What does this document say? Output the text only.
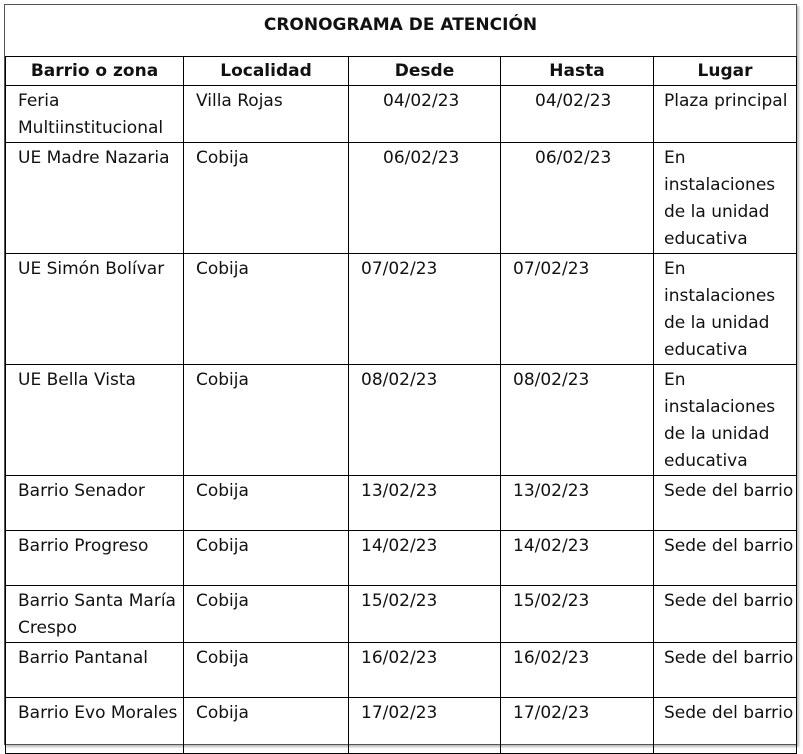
CRONOGRAMA DE ATENCIÓN
Barrio o zona	Localidad	Desde	Hasta	Lugar
Feria Multiinstitucional	Villa Rojas	04/02/23	04/02/23	Plaza principal
UE Madre Nazaria	Cobija	06/02/23	06/02/23	En instalaciones de la unidad educativa
UE Simón Bolívar	Cobija	07/02/23	07/02/23	En instalaciones de la unidad educativa
UE Bella Vista	Cobija	08/02/23	08/02/23	En instalaciones de la unidad educativa
Barrio Senador	Cobija	13/02/23	13/02/23	Sede del barrio
Barrio Progreso	Cobija	14/02/23	14/02/23	Sede del barrio
Barrio Santa María Crespo	Cobija	15/02/23	15/02/23	Sede del barrio
Barrio Pantanal	Cobija	16/02/23	16/02/23	Sede del barrio
Barrio Evo Morales	Cobija	17/02/23	17/02/23	Sede del barrio
